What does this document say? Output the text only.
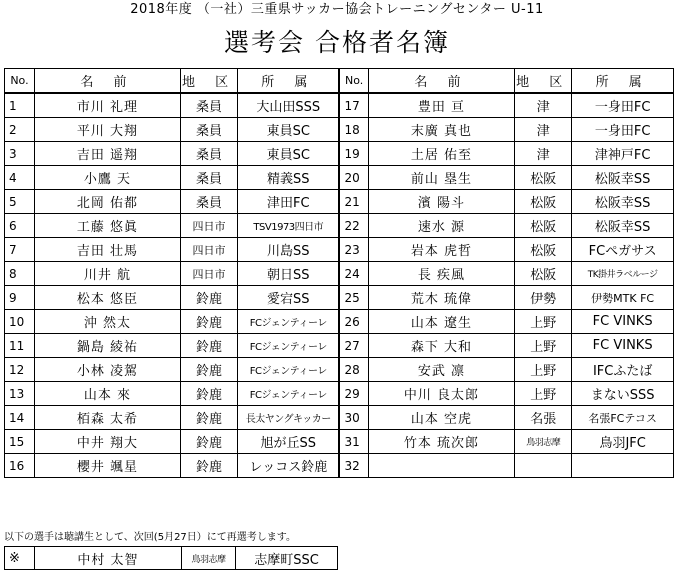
2018年度 （一社）三重県サッカー協会トレーニングセンター U-11
選考会 合格者名簿
No.	名 前	地 区	所 属	No.	名 前	地 区	所 属
1	市川 礼理	桑員	大山田SSS	17	豊田 亘	津	一身田FC
2	平川 大翔	桑員	東員SC	18	末廣 真也	津	一身田FC
3	吉田 遥翔	桑員	東員SC	19	土居 佑至	津	津神戸FC
4	小鷹 天	桑員	精義SS	20	前山 塁生	松阪	松阪幸SS
5	北岡 佑都	桑員	津田FC	21	濱 陽斗	松阪	松阪幸SS
6	工藤 悠眞	四日市	TSV1973四日市	22	速水 源	松阪	松阪幸SS
7	吉田 壮馬	四日市	川島SS	23	岩本 虎哲	松阪	FCペガサス
8	川井 航	四日市	朝日SS	24	長 疾風	松阪	TK掛井ラベルージ
9	松本 悠臣	鈴鹿	愛宕SS	25	荒木 琉偉	伊勢	伊勢MTK FC
10	沖 然太	鈴鹿	FCジェンティーレ	26	山本 遼生	上野	FC VINKS
11	鍋島 綾祐	鈴鹿	FCジェンティーレ	27	森下 大和	上野	FC VINKS
12	小林 凌駕	鈴鹿	FCジェンティーレ	28	安武 凛	上野	IFCふたば
13	山本 來	鈴鹿	FCジェンティーレ	29	中川 良太郎	上野	まないSSS
14	栢森 太希	鈴鹿	長太ヤングキッカー	30	山本 空虎	名張	名張FCテコス
15	中井 翔大	鈴鹿	旭が丘SS	31	竹本 琉次郎	鳥羽志摩	鳥羽JFC
16	櫻井 颯星	鈴鹿	レッコス鈴鹿	32			
以下の選手は聴講生として、次回(5月27日）にて再選考します。
※	中村 太智	鳥羽志摩	志摩町SSC
